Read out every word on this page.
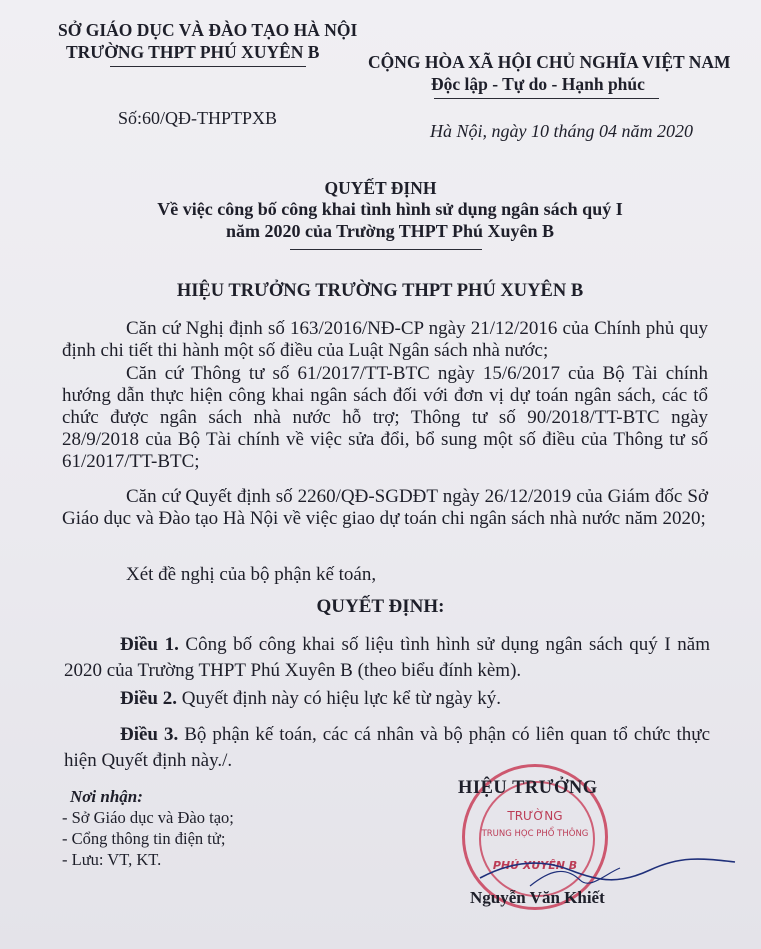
SỞ GIÁO DỤC VÀ ĐÀO TẠO HÀ NỘI
TRƯỜNG THPT PHÚ XUYÊN B
Số:60/QĐ-THPTPXB
CỘNG HÒA XÃ HỘI CHỦ NGHĨA VIỆT NAM
Độc lập - Tự do - Hạnh phúc
Hà Nội, ngày 10 tháng 04 năm 2020
QUYẾT ĐỊNH
Về việc công bố công khai tình hình sử dụng ngân sách quý I
năm 2020 của Trường THPT Phú Xuyên B
HIỆU TRƯỞNG TRƯỜNG THPT PHÚ XUYÊN B
Căn cứ Nghị định số 163/2016/NĐ-CP ngày 21/12/2016 của Chính phủ quy định chi tiết thi hành một số điều của Luật Ngân sách nhà nước;
Căn cứ Thông tư số 61/2017/TT-BTC ngày 15/6/2017 của Bộ Tài chính hướng dẫn thực hiện công khai ngân sách đối với đơn vị dự toán ngân sách, các tổ chức được ngân sách nhà nước hỗ trợ; Thông tư số 90/2018/TT-BTC ngày 28/9/2018 của Bộ Tài chính về việc sửa đổi, bổ sung một số điều của Thông tư số 61/2017/TT-BTC;
Căn cứ Quyết định số 2260/QĐ-SGDĐT ngày 26/12/2019 của Giám đốc Sở Giáo dục và Đào tạo Hà Nội về việc giao dự toán chi ngân sách nhà nước năm 2020;
Xét đề nghị của bộ phận kế toán,
QUYẾT ĐỊNH:
Điều 1. Công bố công khai số liệu tình hình sử dụng ngân sách quý I năm 2020 của Trường THPT Phú Xuyên B (theo biểu đính kèm).
Điều 2. Quyết định này có hiệu lực kể từ ngày ký.
Điều 3. Bộ phận kế toán, các cá nhân và bộ phận có liên quan tổ chức thực hiện Quyết định này./.
Nơi nhận:
- Sở Giáo dục và Đào tạo;
- Cổng thông tin điện tử;
- Lưu: VT, KT.
TRƯỜNG
TRUNG HỌC PHỔ THÔNG
PHÚ XUYÊN B
HIỆU TRƯỞNG
Nguyễn Văn Khiết
